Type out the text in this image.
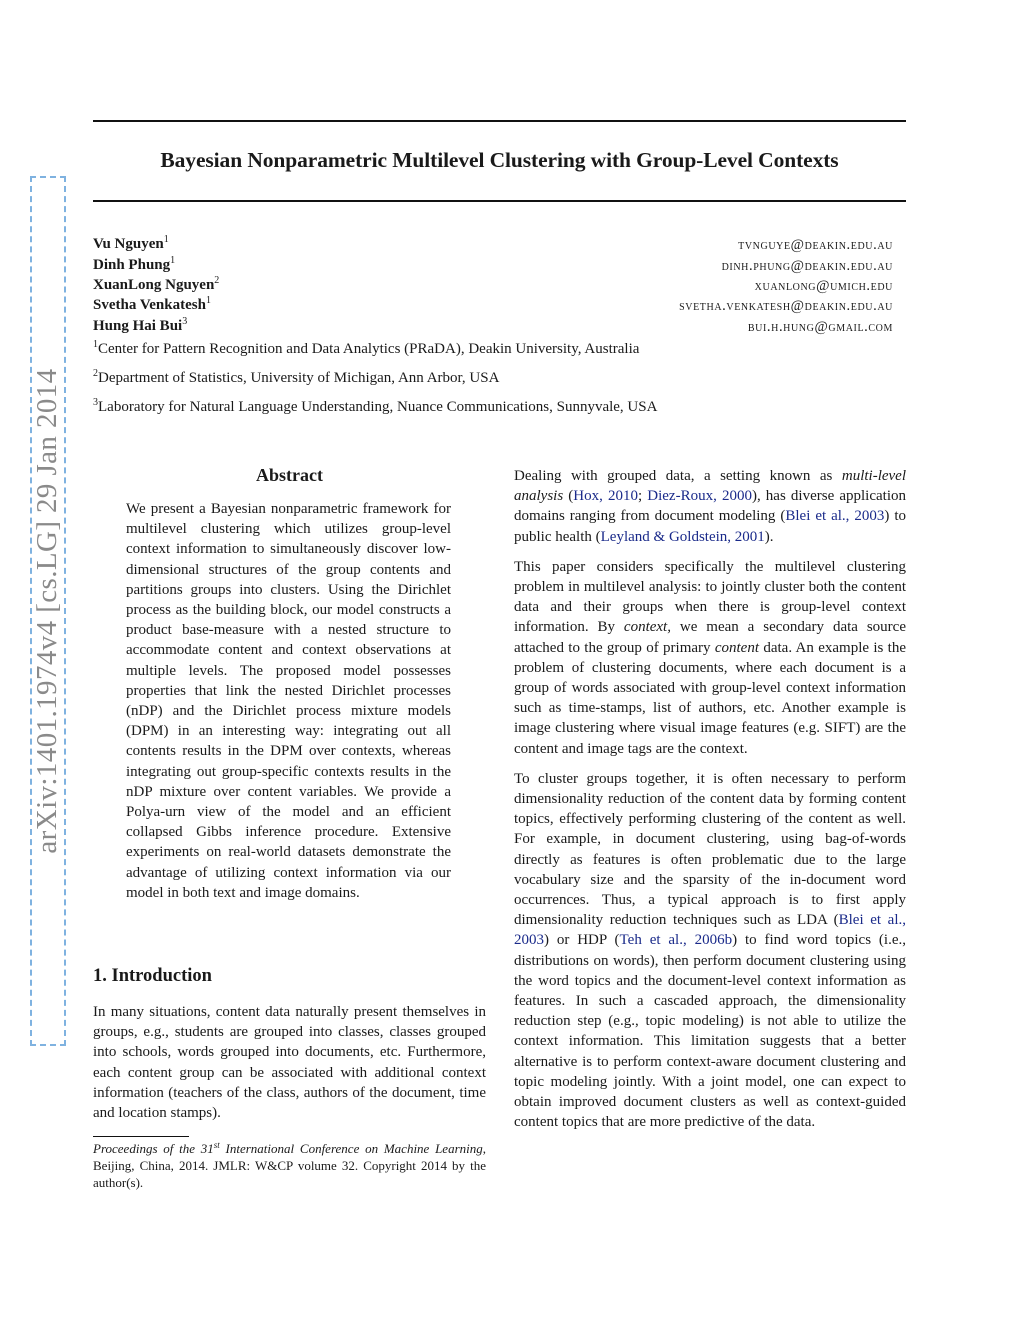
arXiv:1401.1974v4 [cs.LG] 29 Jan 2014
Bayesian Nonparametric Multilevel Clustering with Group-Level Contexts
Vu Nguyen$^1$	tvnguye@deakin.edu.au
Dinh Phung$^1$	dinh.phung@deakin.edu.au
XuanLong Nguyen$^2$	xuanlong@umich.edu
Svetha Venkatesh$^1$	svetha.venkatesh@deakin.edu.au
Hung Hai Bui$^3$	bui.h.hung@gmail.com
$^1$Center for Pattern Recognition and Data Analytics (PRaDA), Deakin University, Australia
$^2$Department of Statistics, University of Michigan, Ann Arbor, USA
$^3$Laboratory for Natural Language Understanding, Nuance Communications, Sunnyvale, USA
Abstract
We present a Bayesian nonparametric framework for multilevel clustering which utilizes group-level context information to simultaneously discover low-dimensional structures of the group contents and partitions groups into clusters. Using the Dirichlet process as the building block, our model constructs a product base-measure with a nested structure to accommodate content and context observations at multiple levels. The proposed model possesses properties that link the nested Dirichlet processes (nDP) and the Dirichlet process mixture models (DPM) in an interesting way: integrating out all contents results in the DPM over contexts, whereas integrating out group-specific contexts results in the nDP mixture over content variables. We provide a Polya-urn view of the model and an efficient collapsed Gibbs inference procedure. Extensive experiments on real-world datasets demonstrate the advantage of utilizing context information via our model in both text and image domains.
1. Introduction
In many situations, content data naturally present themselves in groups, e.g., students are grouped into classes, classes grouped into schools, words grouped into documents, etc. Furthermore, each content group can be associated with additional context information (teachers of the class, authors of the document, time and location stamps).
Proceedings of the 31st International Conference on Machine Learning, Beijing, China, 2014. JMLR: W&CP volume 32. Copyright 2014 by the author(s).

Dealing with grouped data, a setting known as multi-level analysis (Hox, 2010; Diez-Roux, 2000), has diverse application domains ranging from document modeling (Blei et al., 2003) to public health (Leyland & Goldstein, 2001).

This paper considers specifically the multilevel clustering problem in multilevel analysis: to jointly cluster both the content data and their groups when there is group-level context information. By context, we mean a secondary data source attached to the group of primary content data. An example is the problem of clustering documents, where each document is a group of words associated with group-level context information such as time-stamps, list of authors, etc. Another example is image clustering where visual image features (e.g. SIFT) are the content and image tags are the context.

To cluster groups together, it is often necessary to perform dimensionality reduction of the content data by forming content topics, effectively performing clustering of the content as well. For example, in document clustering, using bag-of-words directly as features is often problematic due to the large vocabulary size and the sparsity of the in-document word occurrences. Thus, a typical approach is to first apply dimensionality reduction techniques such as LDA (Blei et al., 2003) or HDP (Teh et al., 2006b) to find word topics (i.e., distributions on words), then perform document clustering using the word topics and the document-level context information as features. In such a cascaded approach, the dimensionality reduction step (e.g., topic modeling) is not able to utilize the context information. This limitation suggests that a better alternative is to perform context-aware document clustering and topic modeling jointly. With a joint model, one can expect to obtain improved document clusters as well as context-guided content topics that are more predictive of the data.
